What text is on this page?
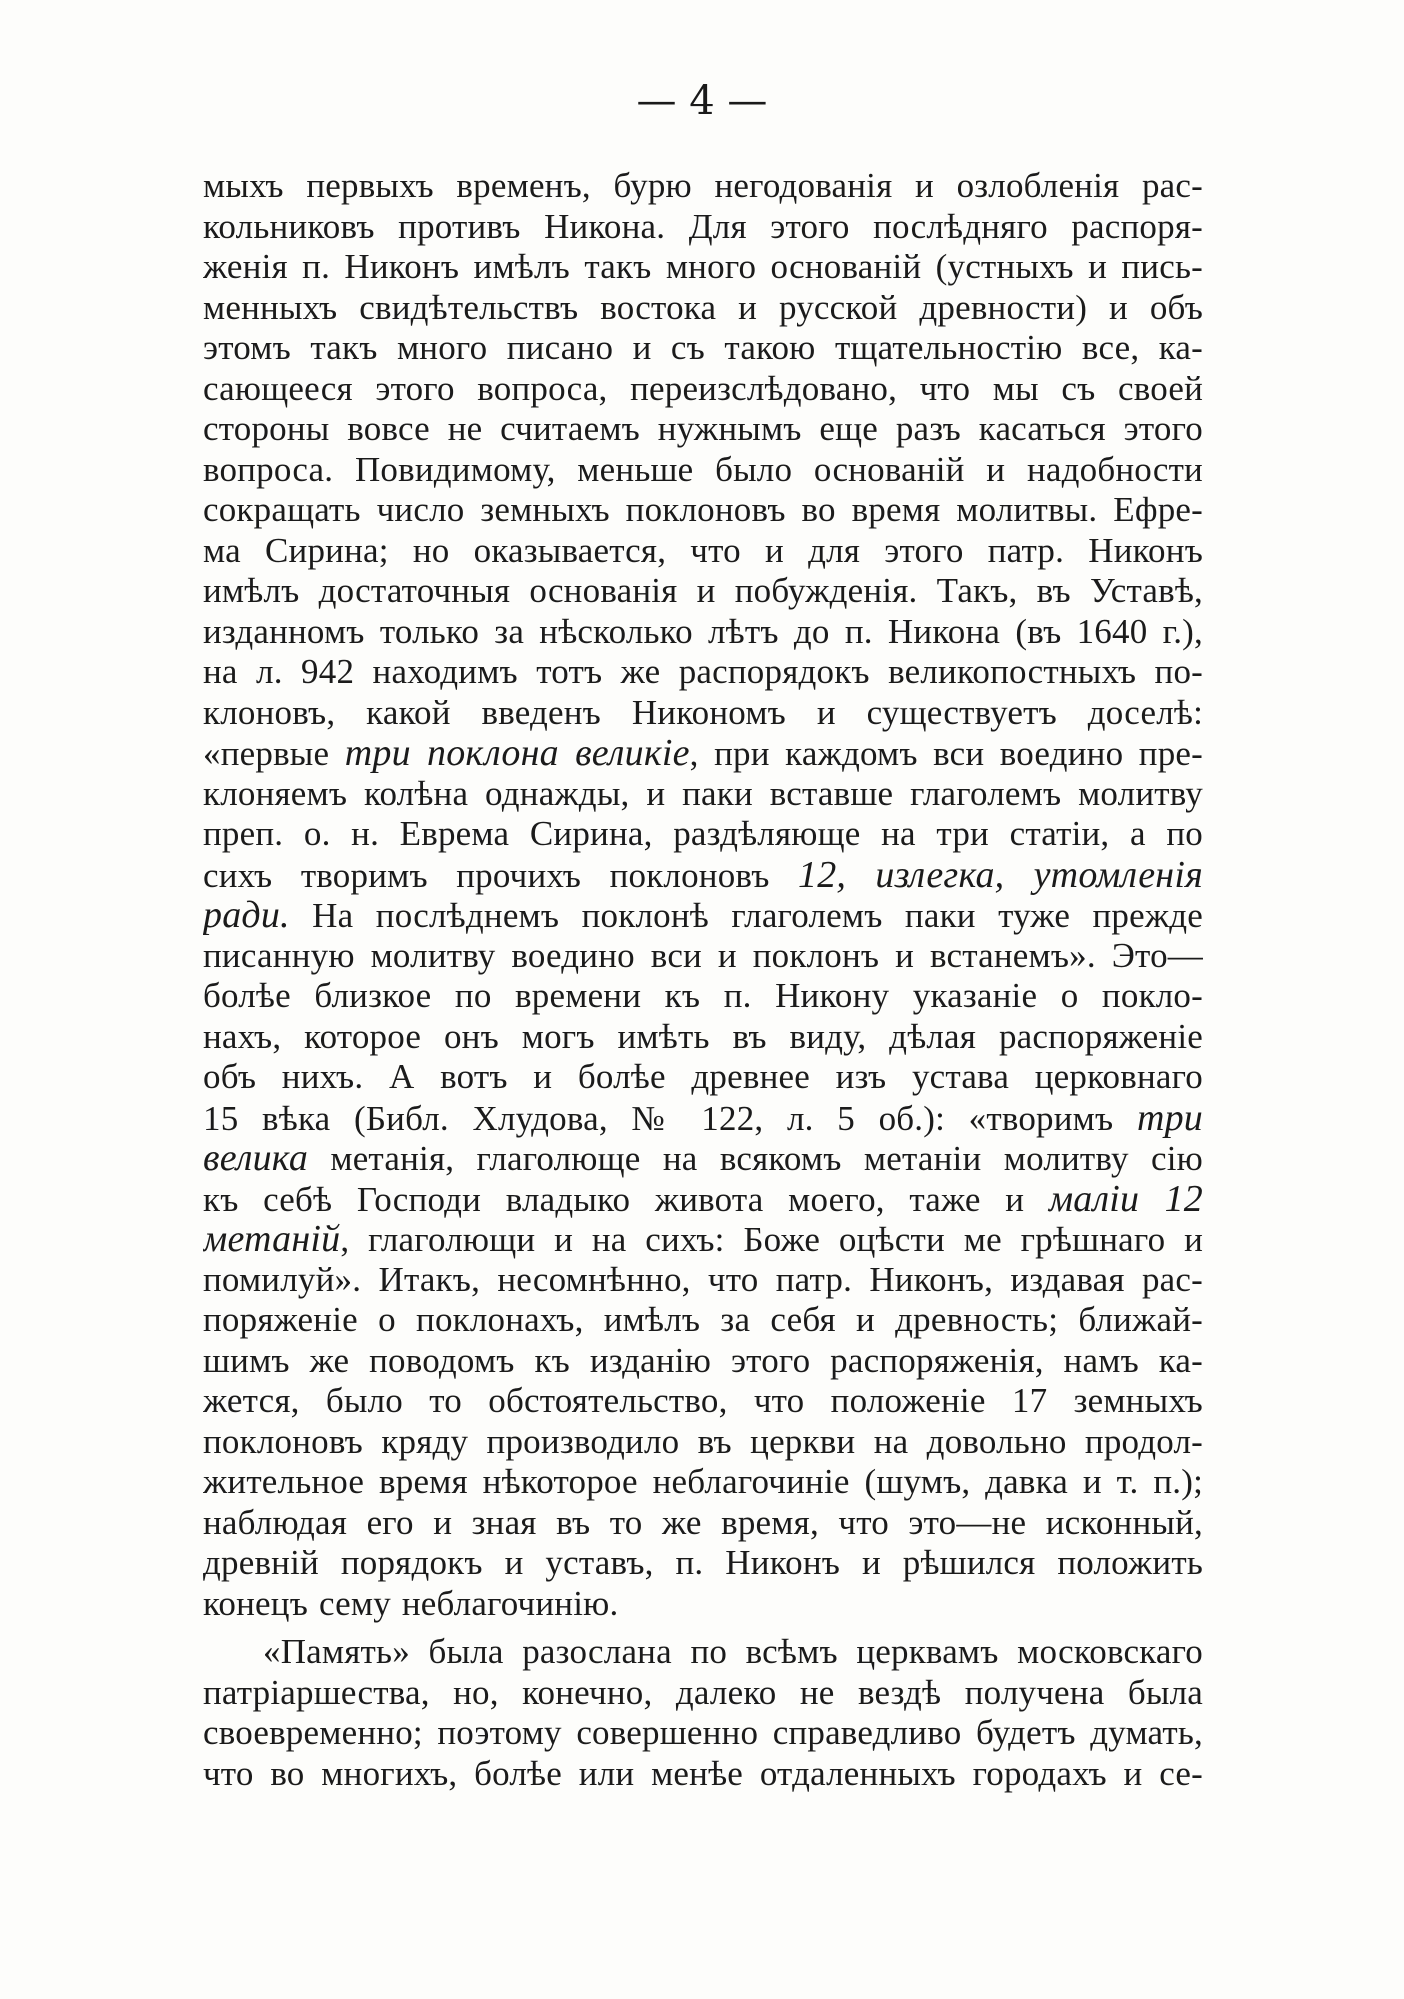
— 4 —
мыхъ первыхъ временъ, бурю негодованія и озлобленія рас-
кольниковъ противъ Никона. Для этого послѣдняго распоря-
женія п. Никонъ имѣлъ такъ много основаній (устныхъ и пись-
менныхъ свидѣтельствъ востока и русской древности) и объ
этомъ такъ много писано и съ такою тщательностію все, ка-
сающееся этого вопроса, переизслѣдовано, что мы съ своей
стороны вовсе не считаемъ нужнымъ еще разъ касаться этого
вопроса. Повидимому, меньше было основаній и надобности
сокращать число земныхъ поклоновъ во время молитвы. Ефре-
ма Сирина; но оказывается, что и для этого патр. Никонъ
имѣлъ достаточныя основанія и побужденія. Такъ, въ Уставѣ,
изданномъ только за нѣсколько лѣтъ до п. Никона (въ 1640 г.),
на л. 942 находимъ тотъ же распорядокъ великопостныхъ по-
клоновъ, какой введенъ Никономъ и существуетъ доселѣ:
«первые три поклона великіе, при каждомъ вси воедино пре-
клоняемъ колѣна однажды, и паки вставше глаголемъ молитву
преп. о. н. Еврема Сирина, раздѣляюще на три статіи, а по
сихъ творимъ прочихъ поклоновъ 12, излегка, утомленія
ради. На послѣднемъ поклонѣ глаголемъ паки туже прежде
писанную молитву воедино вси и поклонъ и встанемъ». Это—
болѣе близкое по времени къ п. Никону указаніе о покло-
нахъ, которое онъ могъ имѣть въ виду, дѣлая распоряженіе
объ нихъ. А вотъ и болѣе древнее изъ устава церковнаго
15 вѣка (Библ. Хлудова, № 122, л. 5 об.): «творимъ три
велика метанія, глаголюще на всякомъ метаніи молитву сію
къ себѣ Господи владыко живота моего, таже и маліи 12
метаній, глаголющи и на сихъ: Боже оцѣсти ме грѣшнаго и
помилуй». Итакъ, несомнѣнно, что патр. Никонъ, издавая рас-
поряженіе о поклонахъ, имѣлъ за себя и древность; ближай-
шимъ же поводомъ къ изданію этого распоряженія, намъ ка-
жется, было то обстоятельство, что положеніе 17 земныхъ
поклоновъ кряду производило въ церкви на довольно продол-
жительное время нѣкоторое неблагочиніе (шумъ, давка и т. п.);
наблюдая его и зная въ то же время, что это—не исконный,
древній порядокъ и уставъ, п. Никонъ и рѣшился положить
конецъ сему неблагочинію.
«Память» была разослана по всѣмъ церквамъ московскаго
патріаршества, но, конечно, далеко не вездѣ получена была
своевременно; поэтому совершенно справедливо будетъ думать,
что во многихъ, болѣе или менѣе отдаленныхъ городахъ и се-
